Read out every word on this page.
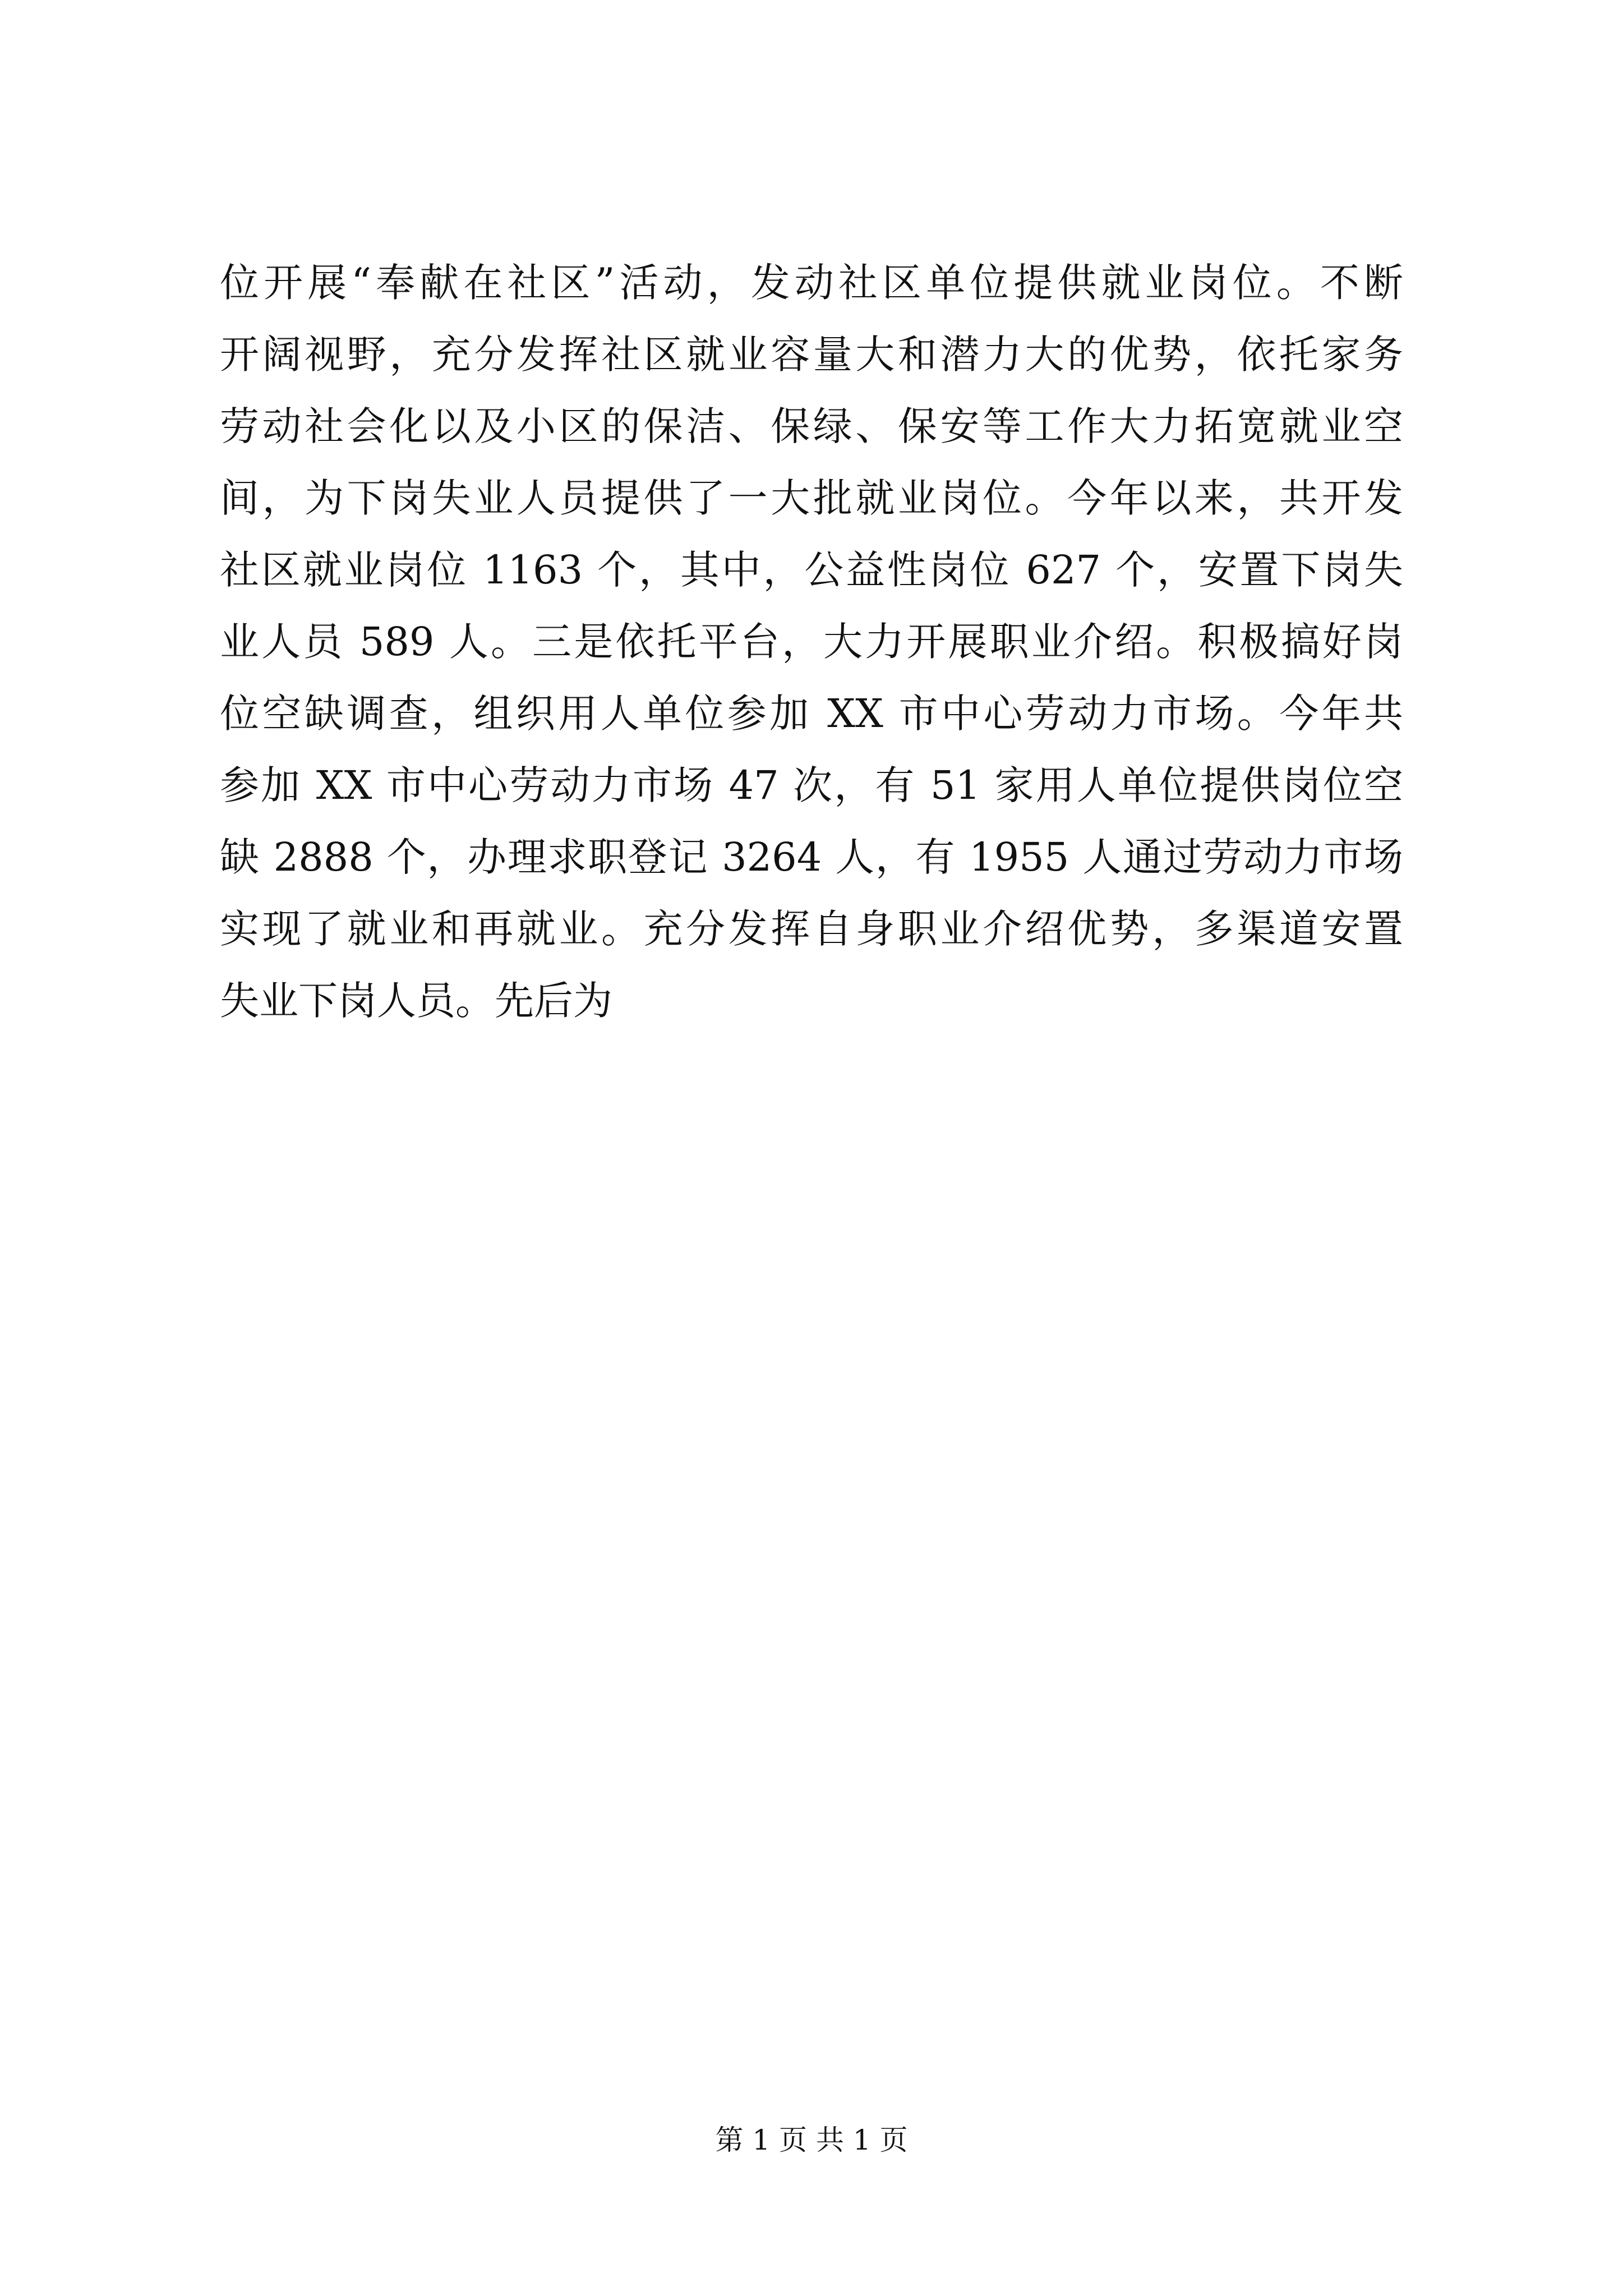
位开展“奉献在社区”活动，发动社区单位提供就业岗位。不断
开阔视野，充分发挥社区就业容量大和潜力大的优势，依托家务
劳动社会化以及小区的保洁、保绿、保安等工作大力拓宽就业空
间，为下岗失业人员提供了一大批就业岗位。今年以来，共开发
社区就业岗位 1163 个，其中，公益性岗位 627 个，安置下岗失
业人员 589 人。三是依托平台，大力开展职业介绍。积极搞好岗
位空缺调查，组织用人单位参加 XX 市中心劳动力市场。今年共
参加 XX 市中心劳动力市场 47 次，有 51 家用人单位提供岗位空
缺 2888 个，办理求职登记 3264 人，有 1955 人通过劳动力市场
实现了就业和再就业。充分发挥自身职业介绍优势，多渠道安置
失业下岗人员。先后为
第 1 页 共 1 页
